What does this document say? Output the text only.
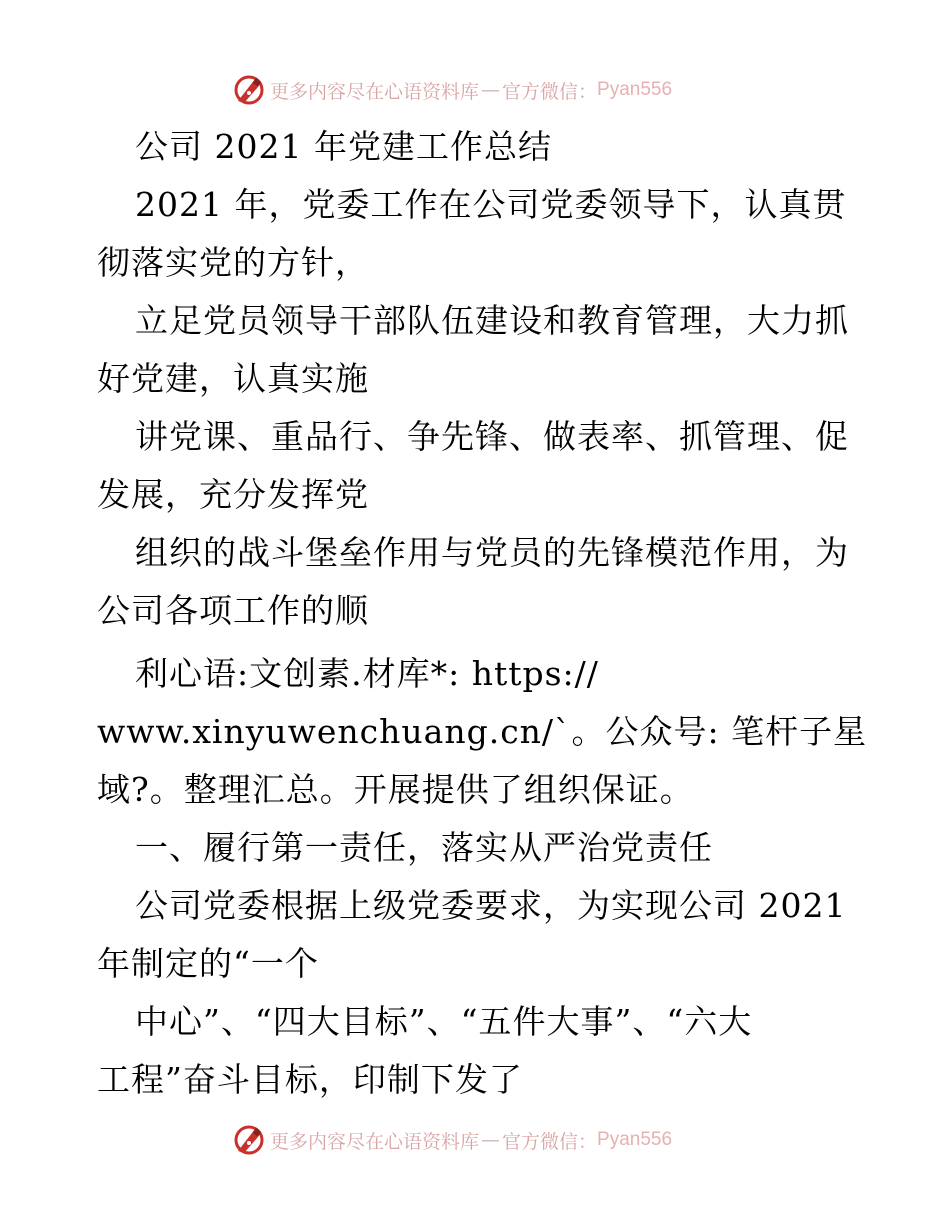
更多内容尽在心语资料库 — 官方微信： Pyan556
公司 2021 年党建工作总结
2021 年，党委工作在公司党委领导下，认真贯
彻落实党的方针，
立足党员领导干部队伍建设和教育管理，大力抓
好党建，认真实施
讲党课、重品行、争先锋、做表率、抓管理、促
发展，充分发挥党
组织的战斗堡垒作用与党员的先锋模范作用，为
公司各项工作的顺
利心语:文创素.材库*: https://
www.xinyuwenchuang.cn/`。公众号: 笔杆子星
域?。整理汇总。开展提供了组织保证。
一、履行第一责任，落实从严治党责任
公司党委根据上级党委要求，为实现公司 2021
年制定的“一个
中心”、“四大目标”、“五件大事”、“六大
工程”奋斗目标，印制下发了
更多内容尽在心语资料库 — 官方微信： Pyan556
